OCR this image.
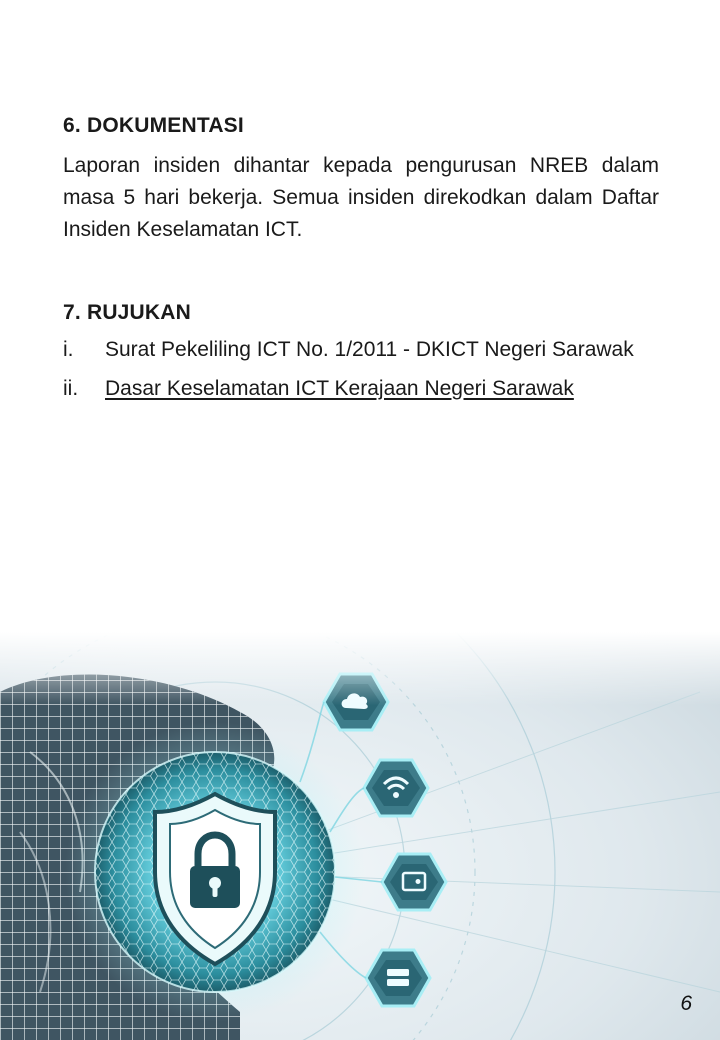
6. DOKUMENTASI

Laporan insiden dihantar kepada pengurusan NREB dalam masa 5 hari bekerja. Semua insiden direkodkan dalam Daftar Insiden Keselamatan ICT.

7. RUJUKAN
i.	Surat Pekeliling ICT No. 1/2011 - DKICT Negeri Sarawak
ii.	Dasar Keselamatan ICT Kerajaan Negeri Sarawak
6
